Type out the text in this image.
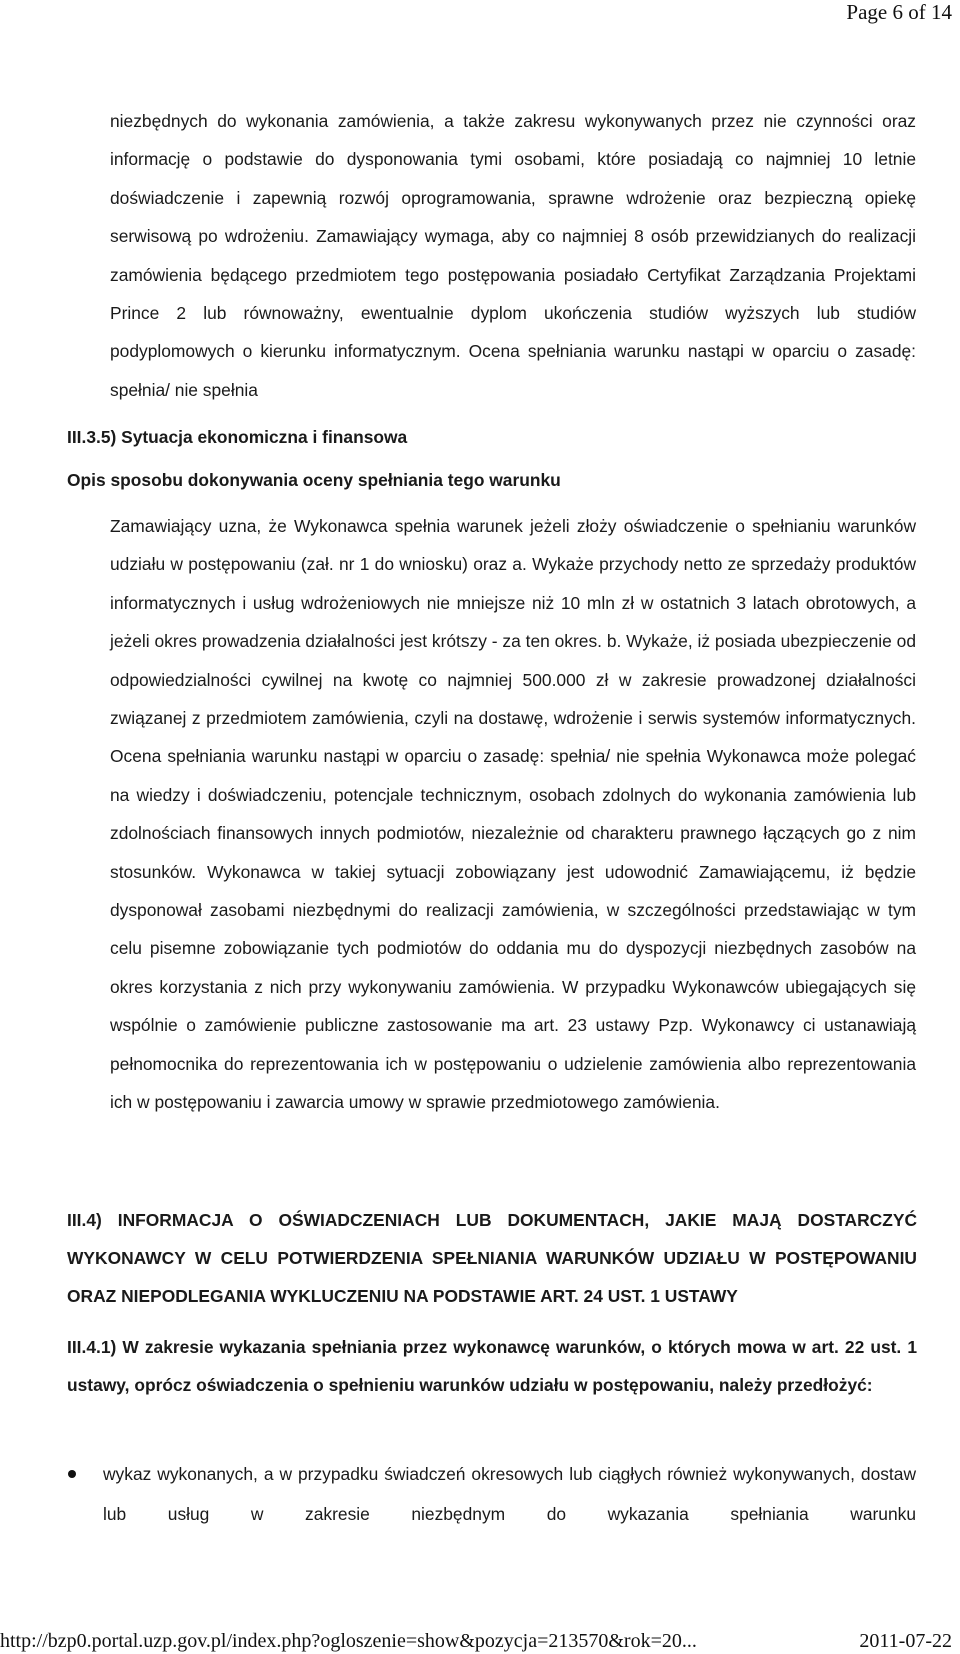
Page 6 of 14

niezbędnych do wykonania zamówienia, a także zakresu wykonywanych przez nie czynności oraz informację o podstawie do dysponowania tymi osobami, które posiadają co najmniej 10 letnie doświadczenie i zapewnią rozwój oprogramowania, sprawne wdrożenie oraz bezpieczną opiekę serwisową po wdrożeniu. Zamawiający wymaga, aby co najmniej 8 osób przewidzianych do realizacji zamówienia będącego przedmiotem tego postępowania posiadało Certyfikat Zarządzania Projektami Prince 2 lub równoważny, ewentualnie dyplom ukończenia studiów wyższych lub studiów podyplomowych o kierunku informatycznym. Ocena spełniania warunku nastąpi w oparciu o zasadę: spełnia/ nie spełnia

III.3.5) Sytuacja ekonomiczna i finansowa
Opis sposobu dokonywania oceny spełniania tego warunku

Zamawiający uzna, że Wykonawca spełnia warunek jeżeli złoży oświadczenie o spełnianiu warunków udziału w postępowaniu (zał. nr 1 do wniosku) oraz a. Wykaże przychody netto ze sprzedaży produktów informatycznych i usług wdrożeniowych nie mniejsze niż 10 mln zł w ostatnich 3 latach obrotowych, a jeżeli okres prowadzenia działalności jest krótszy - za ten okres. b. Wykaże, iż posiada ubezpieczenie od odpowiedzialności cywilnej na kwotę co najmniej 500.000 zł w zakresie prowadzonej działalności związanej z przedmiotem zamówienia, czyli na dostawę, wdrożenie i serwis systemów informatycznych. Ocena spełniania warunku nastąpi w oparciu o zasadę: spełnia/ nie spełnia Wykonawca może polegać na wiedzy i doświadczeniu, potencjale technicznym, osobach zdolnych do wykonania zamówienia lub zdolnościach finansowych innych podmiotów, niezależnie od charakteru prawnego łączących go z nim stosunków. Wykonawca w takiej sytuacji zobowiązany jest udowodnić Zamawiającemu, iż będzie dysponował zasobami niezbędnymi do realizacji zamówienia, w szczególności przedstawiając w tym celu pisemne zobowiązanie tych podmiotów do oddania mu do dyspozycji niezbędnych zasobów na okres korzystania z nich przy wykonywaniu zamówienia. W przypadku Wykonawców ubiegających się wspólnie o zamówienie publiczne zastosowanie ma art. 23 ustawy Pzp. Wykonawcy ci ustanawiają pełnomocnika do reprezentowania ich w postępowaniu o udzielenie zamówienia albo reprezentowania ich w postępowaniu i zawarcia umowy w sprawie przedmiotowego zamówienia.

III.4) INFORMACJA O OŚWIADCZENIACH LUB DOKUMENTACH, JAKIE MAJĄ DOSTARCZYĆ WYKONAWCY W CELU POTWIERDZENIA SPEŁNIANIA WARUNKÓW UDZIAŁU W POSTĘPOWANIU ORAZ NIEPODLEGANIA WYKLUCZENIU NA PODSTAWIE ART. 24 UST. 1 USTAWY
III.4.1) W zakresie wykazania spełniania przez wykonawcę warunków, o których mowa w art. 22 ust. 1 ustawy, oprócz oświadczenia o spełnieniu warunków udziału w postępowaniu, należy przedłożyć:
wykaz wykonanych, a w przypadku świadczeń okresowych lub ciągłych również wykonywanych, dostaw lub usług w zakresie niezbędnym do wykazania spełniania warunku
http://bzp0.portal.uzp.gov.pl/index.php?ogloszenie=show&pozycja=213570&rok=20...	2011-07-22
